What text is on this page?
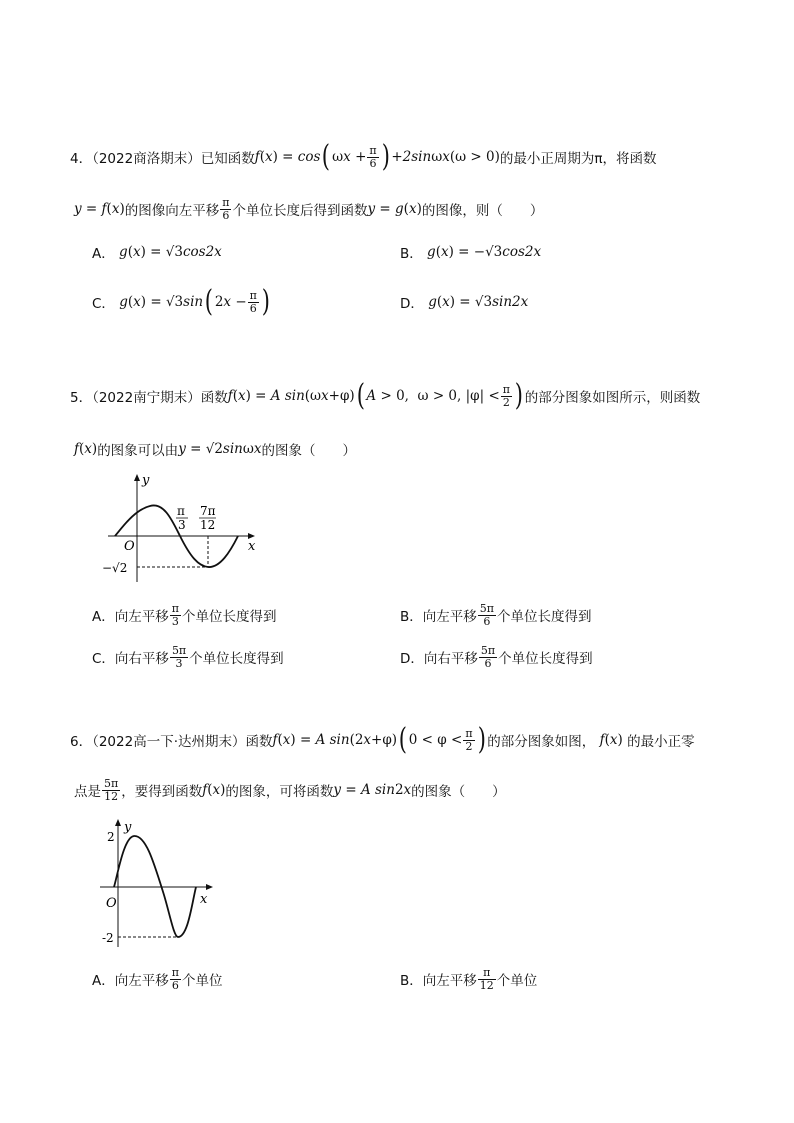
4．（2022商洛期末）已知函数 f(x) = cos ( $\omega x + \frac{\pi}{6}$ ) +2sinωx(ω > 0) 的最小正周期为π，将函数
y = f(x) 的图像向左平移 $\frac{\pi}{6}$ 个单位长度后得到函数 y = g(x) 的图像，则（　　）
A． g(x) = √3cos2x	B． g(x) = −√3cos2x
C． g(x) = √3sin ( $2x - \frac{\pi}{6}$ )	D． g(x) = √3sin2x
5．（2022南宁期末）函数 f(x) = A sin(ωx+φ) ( A > 0,  ω > 0, $|\varphi| < \frac{\pi}{2}$ ) 的部分图象如图所示，则函数
f(x) 的图象可以由 y = √2sinωx 的图象（　　）
y
x
O
π
3
7π
12
−√2
A．向左平移 $\frac{\pi}{3}$ 个单位长度得到	B．向左平移 $\frac{5\pi}{6}$ 个单位长度得到
C．向右平移 $\frac{5\pi}{3}$ 个单位长度得到	D．向右平移 $\frac{5\pi}{6}$ 个单位长度得到
6．（2022高一下·达州期末）函数 f(x) = A sin(2x+φ) ( $0 < \varphi < \frac{\pi}{2}$ ) 的部分图象如图， f(x) 的最小正零
点是 $\frac{5\pi}{12}$ ，要得到函数 f(x) 的图象，可将函数 y = A sin2x 的图象（　　）
y
x
O
2
-2
A．向左平移 $\frac{\pi}{6}$ 个单位	B．向左平移 $\frac{\pi}{12}$ 个单位
